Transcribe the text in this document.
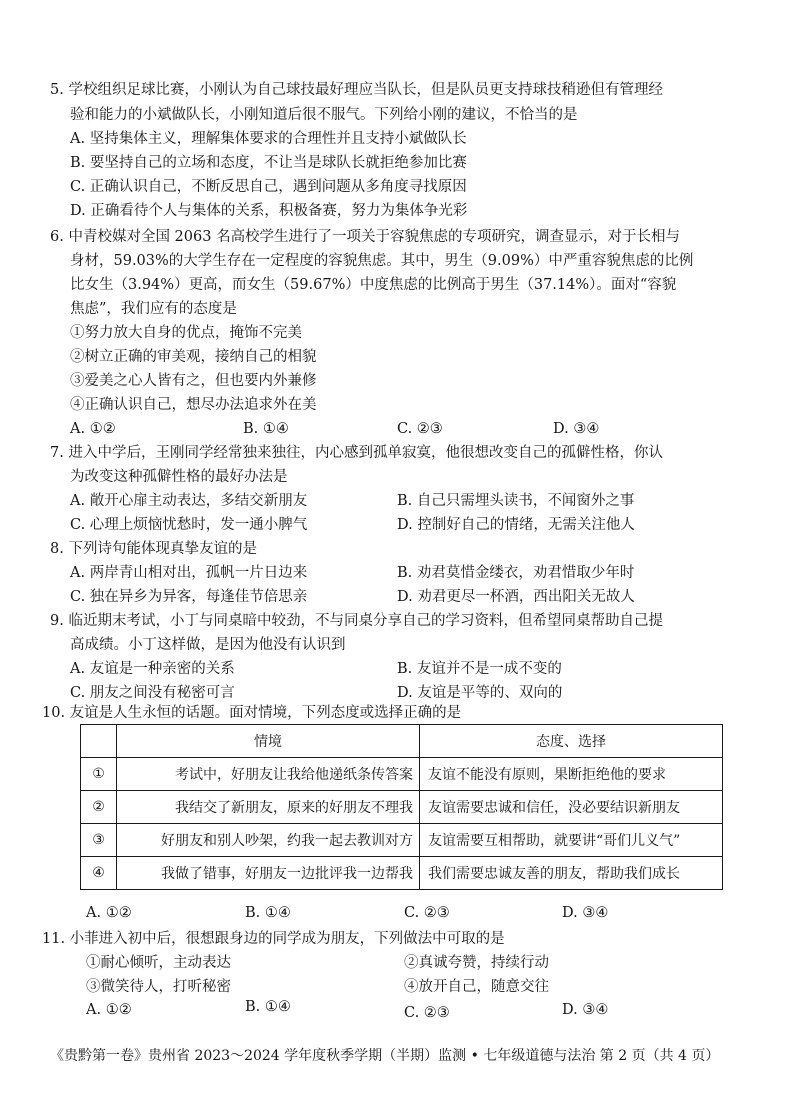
5. 学校组织足球比赛，小刚认为自己球技最好理应当队长，但是队员更支持球技稍逊但有管理经
验和能力的小斌做队长，小刚知道后很不服气。下列给小刚的建议，不恰当的是
A. 坚持集体主义，理解集体要求的合理性并且支持小斌做队长
B. 要坚持自己的立场和态度，不让当是球队长就拒绝参加比赛
C. 正确认识自己，不断反思自己，遇到问题从多角度寻找原因
D. 正确看待个人与集体的关系，积极备赛，努力为集体争光彩
6. 中青校媒对全国 2063 名高校学生进行了一项关于容貌焦虑的专项研究，调查显示，对于长相与
身材，59.03%的大学生存在一定程度的容貌焦虑。其中，男生（9.09%）中严重容貌焦虑的比例
比女生（3.94%）更高，而女生（59.67%）中度焦虑的比例高于男生（37.14%）。面对“容貌
焦虑”，我们应有的态度是
①努力放大自身的优点，掩饰不完美
②树立正确的审美观，接纳自己的相貌
③爱美之心人皆有之，但也要内外兼修
④正确认识自己，想尽办法追求外在美
A. ①②	B. ①④	C. ②③	D. ③④
7. 进入中学后，王刚同学经常独来独往，内心感到孤单寂寞，他很想改变自己的孤僻性格，你认
为改变这种孤僻性格的最好办法是
A. 敞开心扉主动表达，多结交新朋友	B. 自己只需埋头读书，不闻窗外之事
C. 心理上烦恼忧愁时，发一通小脾气	D. 控制好自己的情绪，无需关注他人
8. 下列诗句能体现真挚友谊的是
A. 两岸青山相对出，孤帆一片日边来	B. 劝君莫惜金缕衣，劝君惜取少年时
C. 独在异乡为异客，每逢佳节倍思亲	D. 劝君更尽一杯酒，西出阳关无故人
9. 临近期末考试，小丁与同桌暗中较劲，不与同桌分享自己的学习资料，但希望同桌帮助自己提
高成绩。小丁这样做，是因为他没有认识到
A. 友谊是一种亲密的关系	B. 友谊并不是一成不变的
C. 朋友之间没有秘密可言	D. 友谊是平等的、双向的
10. 友谊是人生永恒的话题。面对情境，下列态度或选择正确的是
	情境	态度、选择
①	考试中，好朋友让我给他递纸条传答案	友谊不能没有原则，果断拒绝他的要求
②	我结交了新朋友，原来的好朋友不理我	友谊需要忠诚和信任，没必要结识新朋友
③	好朋友和别人吵架，约我一起去教训对方	友谊需要互相帮助，就要讲“哥们儿义气”
④	我做了错事，好朋友一边批评我一边帮我	我们需要忠诚友善的朋友，帮助我们成长
A. ①②	B. ①④	C. ②③	D. ③④
11. 小菲进入初中后，很想跟身边的同学成为朋友，下列做法中可取的是
①耐心倾听，主动表达	②真诚夸赞，持续行动
③微笑待人，打听秘密	④放开自己，随意交往
A. ①②	B. ①④	C. ②③	D. ③④
《贵黔第一卷》贵州省 2023～2024 学年度秋季学期（半期）监测 • 七年级道德与法治 第 2 页（共 4 页）
